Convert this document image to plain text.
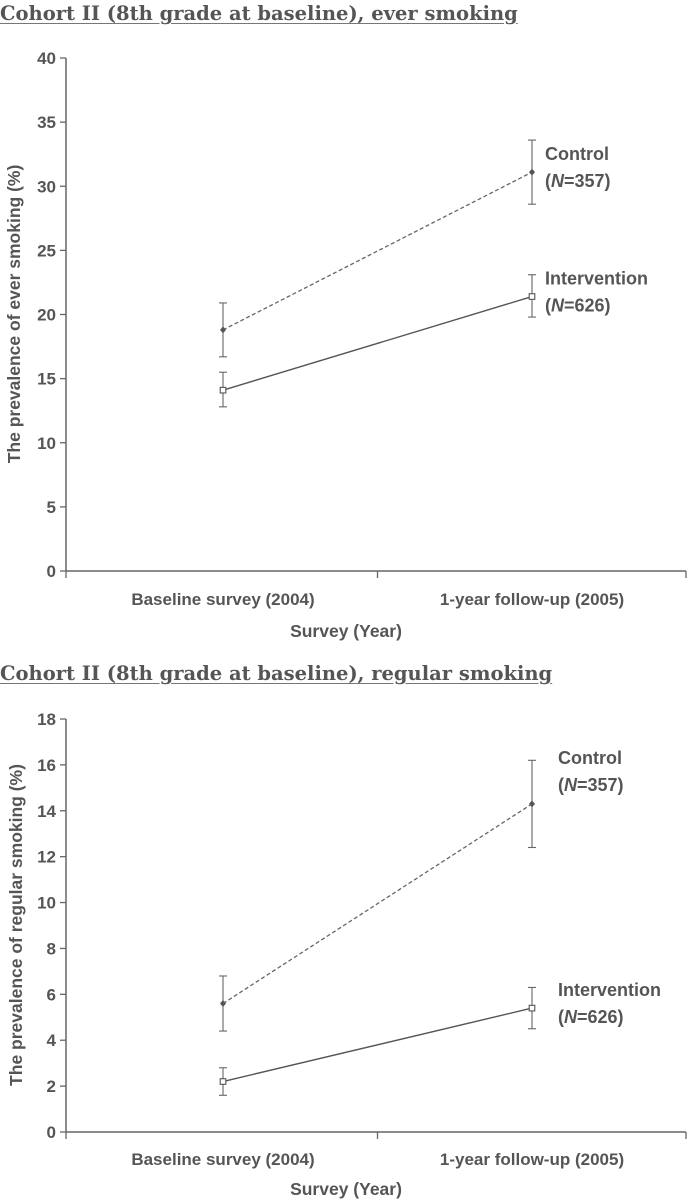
Cohort II (8th grade at baseline), ever smoking
0
5
10
15
20
25
30
35
40
Baseline survey (2004)	1-year follow-up (2005)
Survey (Year)
The prevalence of ever smoking (%)
Control
(N=357)
Intervention
(N=626)
Cohort II (8th grade at baseline), regular smoking
0
2
4
6
8
10
12
14
16
18
Baseline survey (2004)	1-year follow-up (2005)
Survey (Year)
The prevalence of regular smoking (%)
Control
(N=357)
Intervention
(N=626)
